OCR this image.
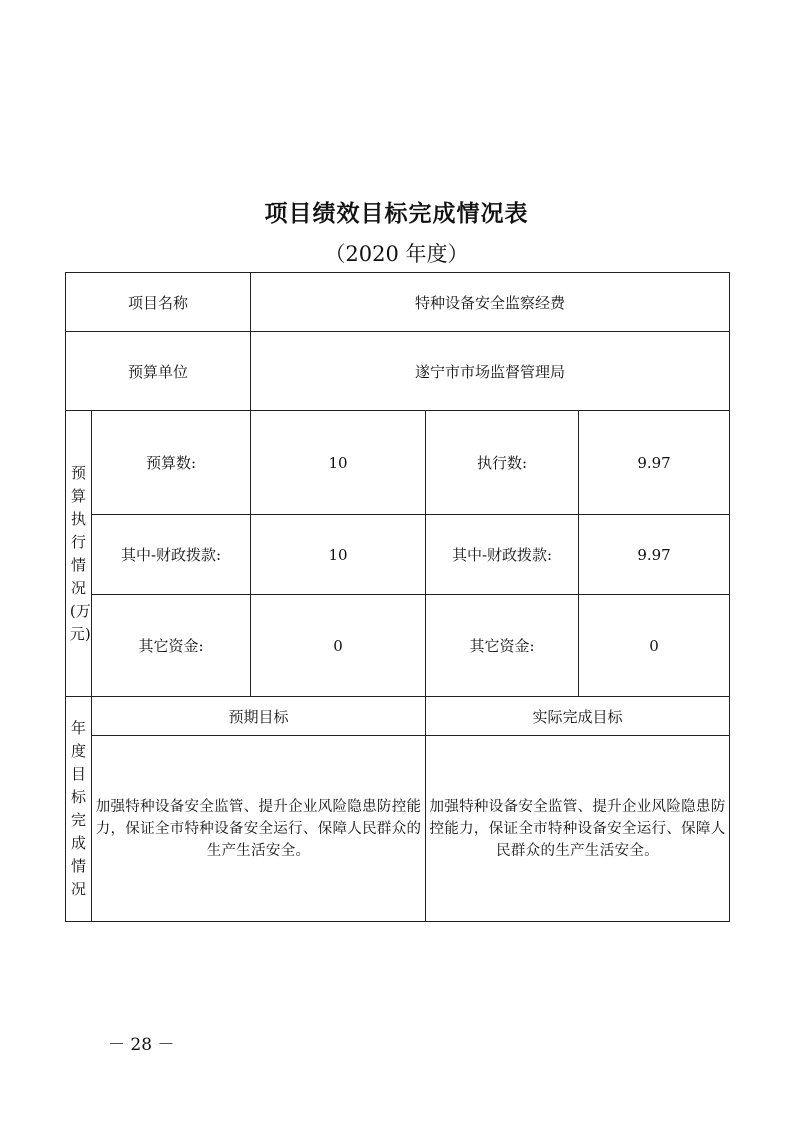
项目绩效目标完成情况表
（2020 年度）
项目名称		特种设备安全监察经费		
预算单位		遂宁市市场监督管理局		
预算执行情况(万元)	预算数:	10	执行数:	9.97
	其中-财政拨款:	10	其中-财政拨款:	9.97
	其它资金:	0	其它资金:	0
年度目标完成情况	预期目标		实际完成目标	
	加强特种设备安全监管、提升企业风险隐患防控能力，保证全市特种设备安全运行、保障人民群众的生产生活安全。		加强特种设备安全监管、提升企业风险隐患防控能力，保证全市特种设备安全运行、保障人民群众的生产生活安全。	
－ 28 －
